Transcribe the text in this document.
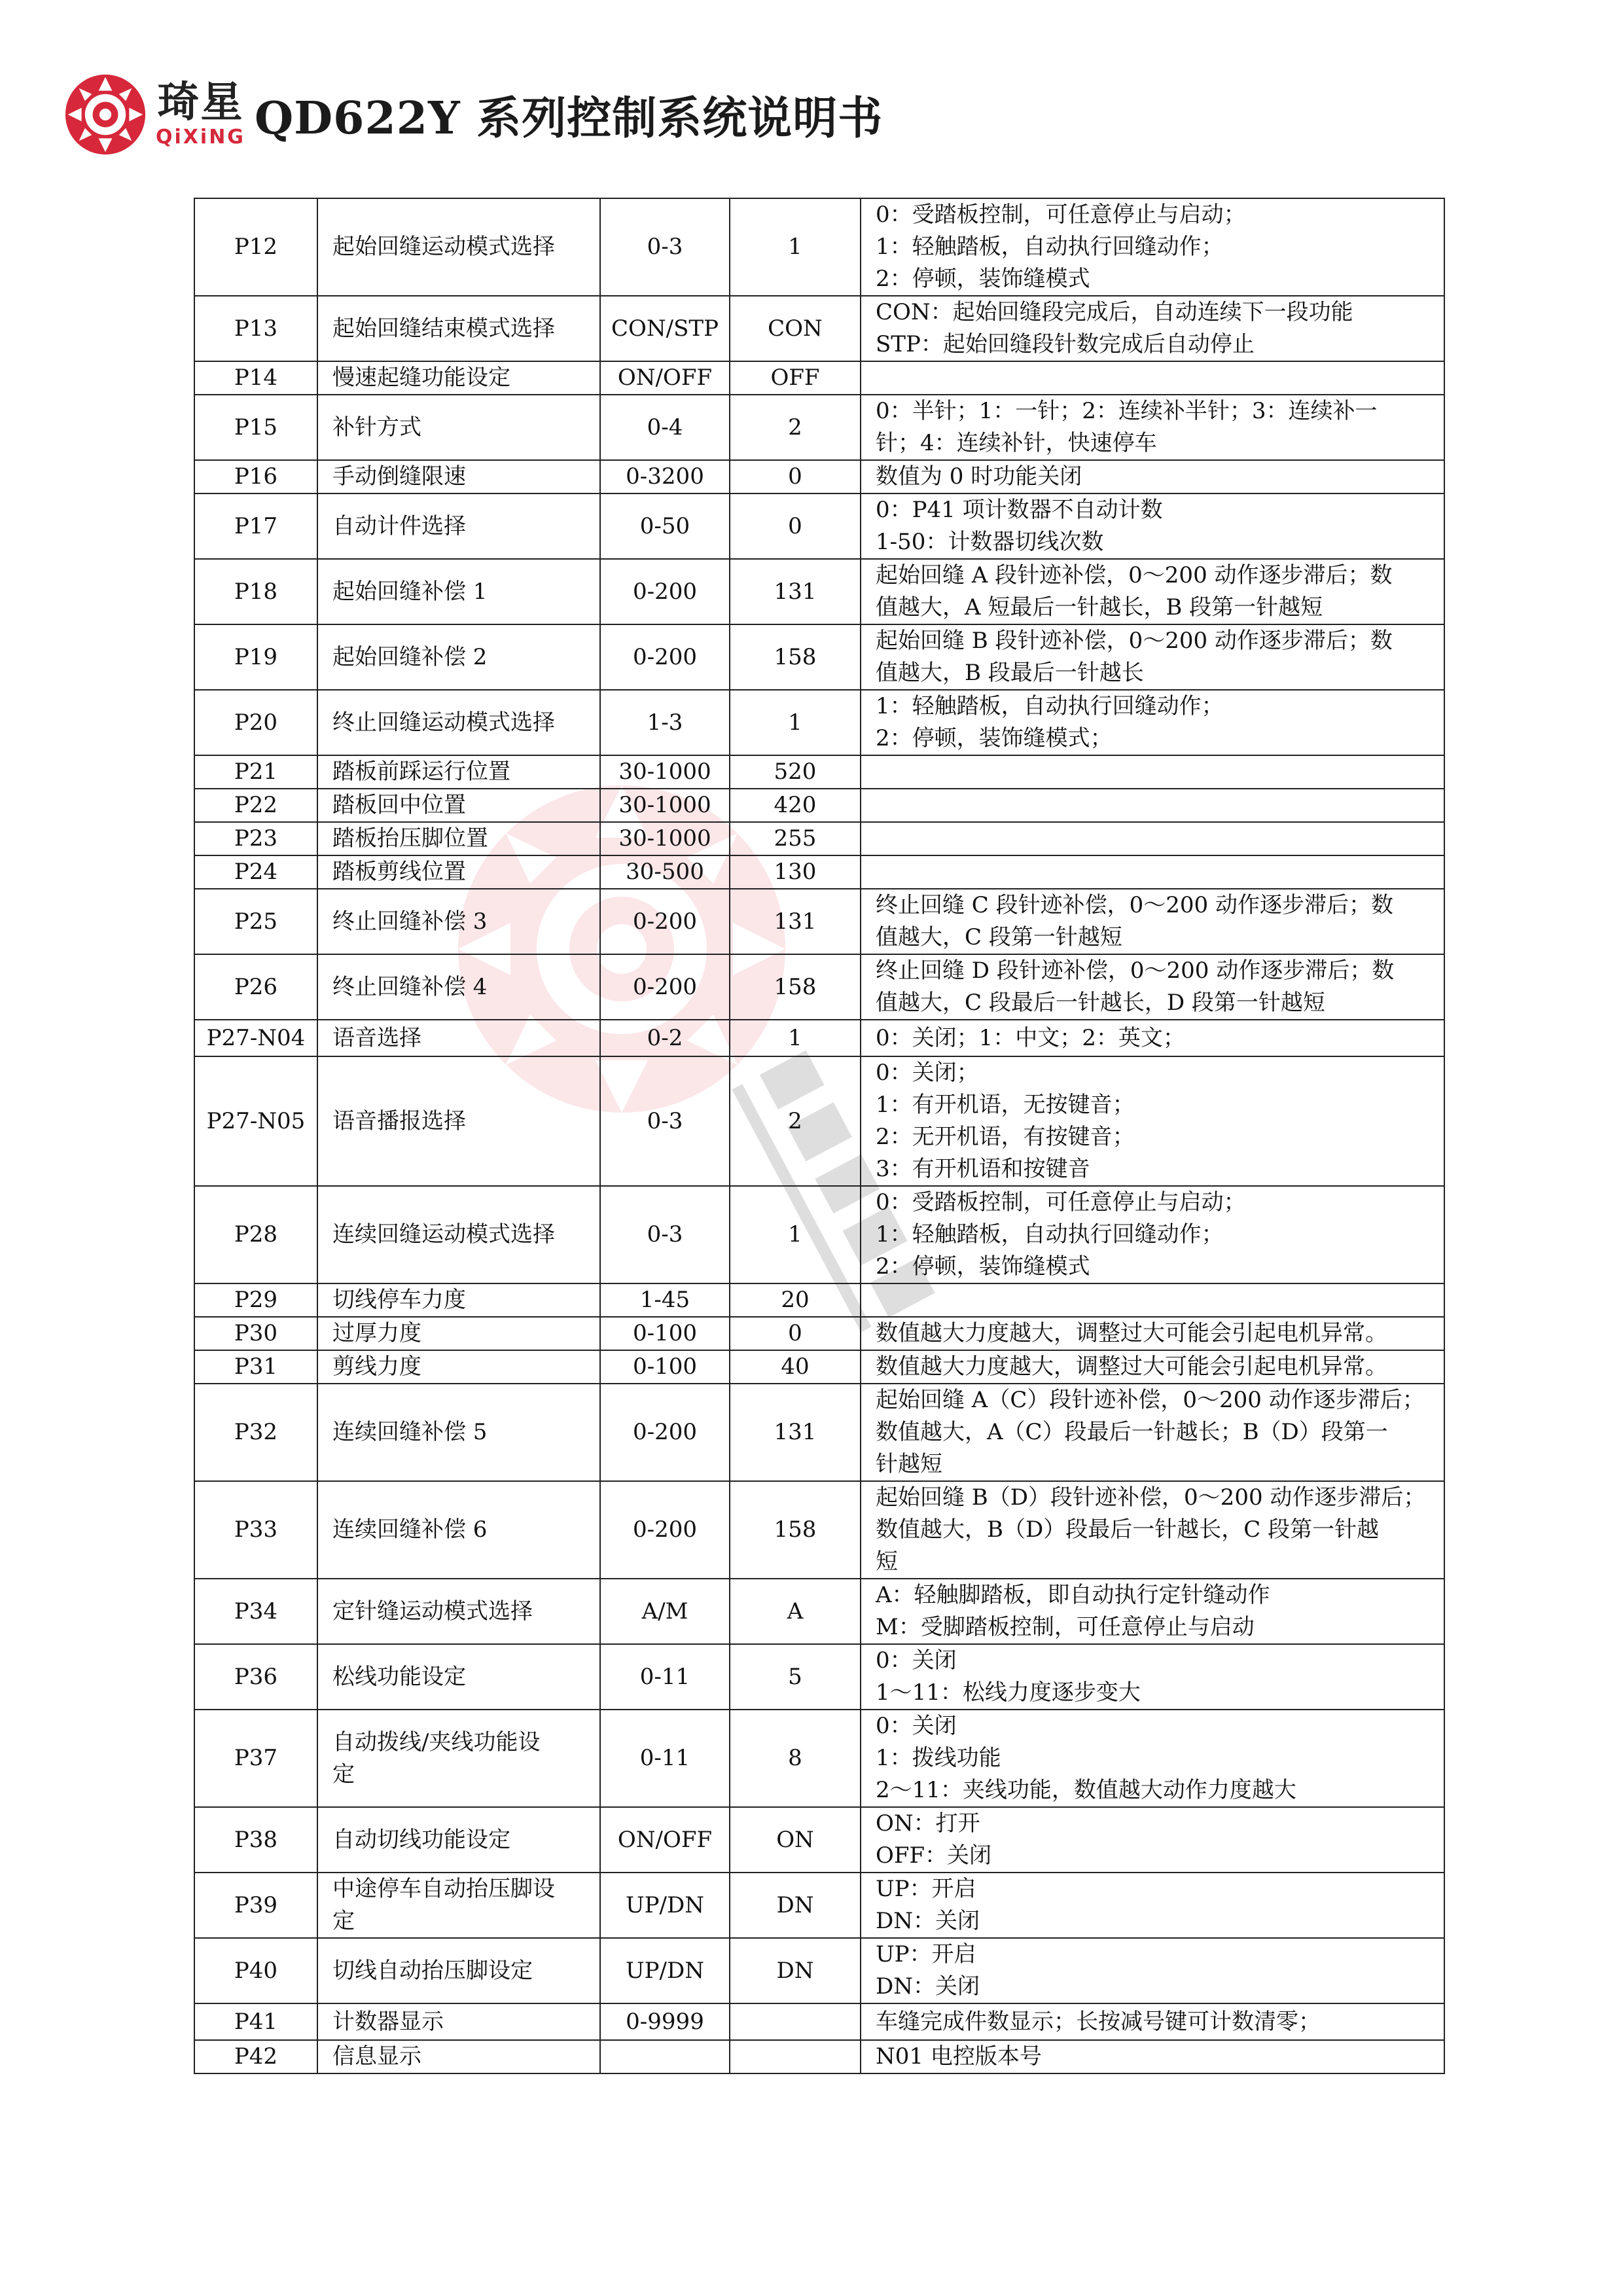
琦星
QiXiNG QD622Y 系列控制系统说明书
P12	起始回缝运动模式选择	0-3	1	0：受踏板控制，可任意停止与启动；
1：轻触踏板，自动执行回缝动作；
2：停顿，装饰缝模式

P13	起始回缝结束模式选择	CON/STP	CON	CON：起始回缝段完成后，自动连续下一段功能
STP：起始回缝段针数完成后自动停止

P14	慢速起缝功能设定	ON/OFF	OFF	

P15	补针方式	0-4	2	0：半针；1：一针；2：连续补半针；3：连续补一
针；4：连续补针，快速停车

P16	手动倒缝限速	0-3200	0	数值为 0 时功能关闭

P17	自动计件选择	0-50	0	0：P41 项计数器不自动计数
1-50：计数器切线次数

P18	起始回缝补偿 1	0-200	131	起始回缝 A 段针迹补偿，0～200 动作逐步滞后；数
值越大，A 短最后一针越长，B 段第一针越短

P19	起始回缝补偿 2	0-200	158	起始回缝 B 段针迹补偿，0～200 动作逐步滞后；数
值越大，B 段最后一针越长

P20	终止回缝运动模式选择	1-3	1	1：轻触踏板，自动执行回缝动作；
2：停顿，装饰缝模式；

P21	踏板前踩运行位置	30-1000	520	

P22	踏板回中位置	30-1000	420	

P23	踏板抬压脚位置	30-1000	255	

P24	踏板剪线位置	30-500	130	

P25	终止回缝补偿 3	0-200	131	终止回缝 C 段针迹补偿，0～200 动作逐步滞后；数
值越大，C 段第一针越短

P26	终止回缝补偿 4	0-200	158	终止回缝 D 段针迹补偿，0～200 动作逐步滞后；数
值越大，C 段最后一针越长，D 段第一针越短

P27-N04	语音选择	0-2	1	0：关闭；1：中文；2：英文；

P27-N05	语音播报选择	0-3	2	0：关闭；
1：有开机语，无按键音；
2：无开机语，有按键音；
3：有开机语和按键音

P28	连续回缝运动模式选择	0-3	1	0：受踏板控制，可任意停止与启动；
1：轻触踏板，自动执行回缝动作；
2：停顿，装饰缝模式

P29	切线停车力度	1-45	20	

P30	过厚力度	0-100	0	数值越大力度越大，调整过大可能会引起电机异常。

P31	剪线力度	0-100	40	数值越大力度越大，调整过大可能会引起电机异常。

P32	连续回缝补偿 5	0-200	131	起始回缝 A（C）段针迹补偿，0～200 动作逐步滞后；
数值越大，A（C）段最后一针越长；B（D）段第一
针越短

P33	连续回缝补偿 6	0-200	158	起始回缝 B（D）段针迹补偿，0～200 动作逐步滞后；
数值越大，B（D）段最后一针越长，C 段第一针越
短

P34	定针缝运动模式选择	A/M	A	A：轻触脚踏板，即自动执行定针缝动作
M：受脚踏板控制，可任意停止与启动

P36	松线功能设定	0-11	5	0：关闭
1～11：松线力度逐步变大

P37	自动拨线/夹线功能设
定	0-11	8	0：关闭
1：拨线功能
2～11：夹线功能，数值越大动作力度越大

P38	自动切线功能设定	ON/OFF	ON	ON：打开
OFF：关闭

P39	中途停车自动抬压脚设
定	UP/DN	DN	UP：开启
DN：关闭

P40	切线自动抬压脚设定	UP/DN	DN	UP：开启
DN：关闭

P41	计数器显示	0-9999		车缝完成件数显示；长按减号键可计数清零；

P42	信息显示			N01 电控版本号
